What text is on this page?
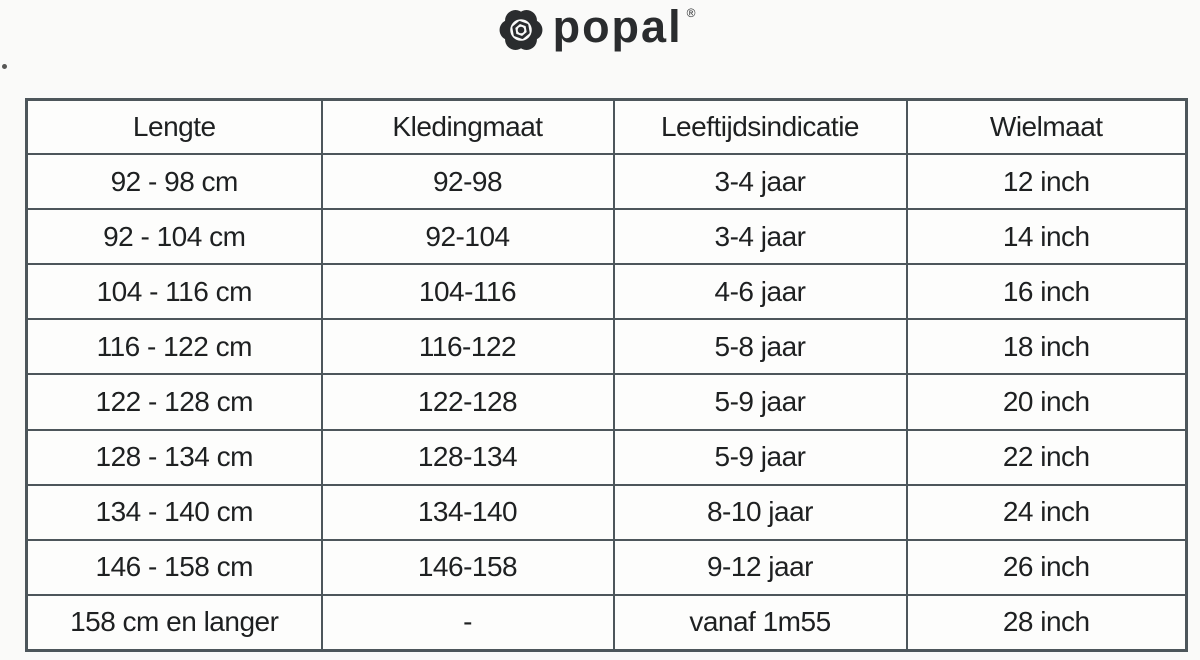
popal ®
Lengte	Kledingmaat	Leeftijdsindicatie	Wielmaat
92 - 98 cm	92-98	3-4 jaar	12 inch
92 - 104 cm	92-104	3-4 jaar	14 inch
104 - 116 cm	104-116	4-6 jaar	16 inch
116 - 122 cm	116-122	5-8 jaar	18 inch
122 - 128 cm	122-128	5-9 jaar	20 inch
128 - 134 cm	128-134	5-9 jaar	22 inch
134 - 140 cm	134-140	8-10 jaar	24 inch
146 - 158 cm	146-158	9-12 jaar	26 inch
158 cm en langer	-	vanaf 1m55	28 inch
